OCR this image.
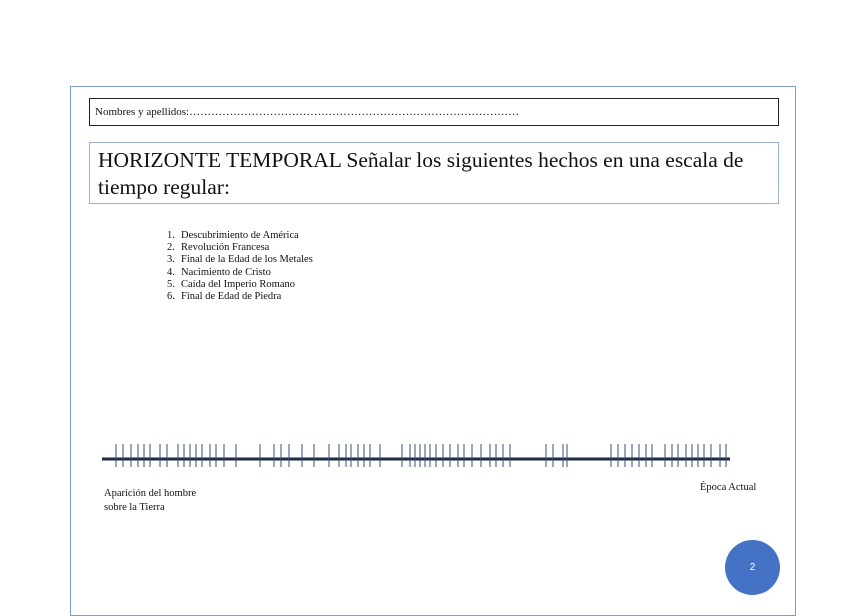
Nombres y apellidos:………………………………………………………………………………
HORIZONTE TEMPORAL Señalar los siguientes hechos en una escala de tiempo regular:
1. Descubrimiento de América
2. Revolución Francesa
3. Final de la Edad de los Metales
4. Nacimiento de Cristo
5. Caída del Imperio Romano
6. Final de Edad de Piedra
Aparición del hombre sobre la Tierra
Época Actual
2
